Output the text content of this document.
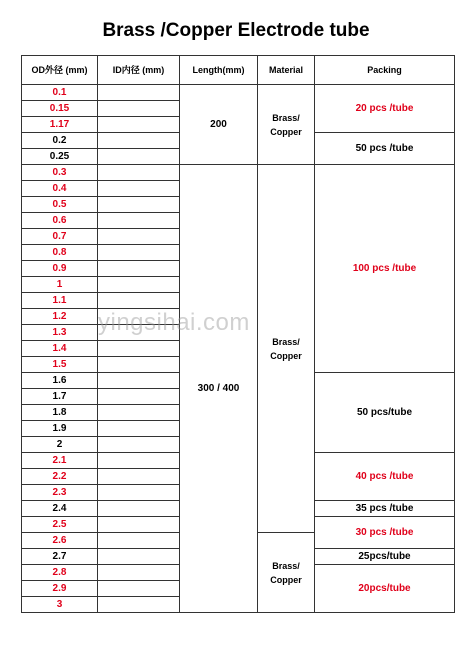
Brass /Copper Electrode tube
OD外径 (mm)	ID内径 (mm)	Length(mm)	Material	Packing
0.1		200	Brass/ Copper	20 pcs /tube
0.15				
1.17				
0.2				50 pcs /tube
0.25				
0.3		300 / 400	Brass/ Copper	100 pcs /tube
0.4				
0.5				
0.6				
0.7				
0.8				
0.9				
1				
1.1				
1.2				
1.3				
1.4				
1.5				
1.6				50 pcs/tube
1.7				
1.8				
1.9				
2				
2.1				40 pcs /tube
2.2				
2.3				
2.4				35 pcs /tube
2.5				30 pcs /tube
2.6			Brass/ Copper	
2.7				25pcs/tube
2.8				20pcs/tube
2.9				
3				
yingsihai.com
